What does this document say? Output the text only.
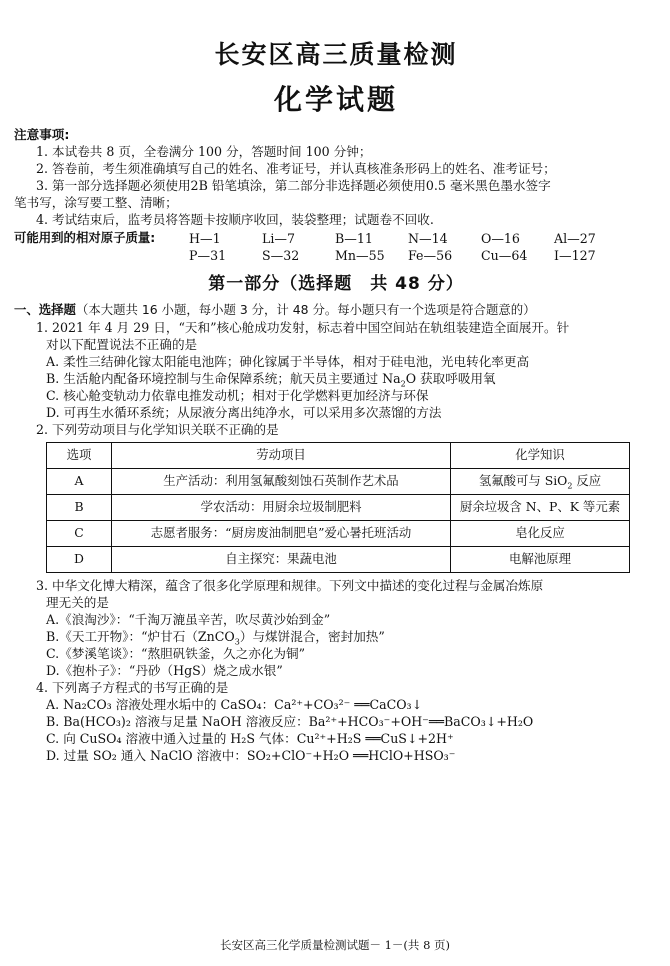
长安区高三质量检测
化学试题
注意事项:
1. 本试卷共 8 页，全卷满分 100 分，答题时间 100 分钟；
2. 答卷前，考生须准确填写自己的姓名、准考证号，并认真核准条形码上的姓名、准考证号；
3. 第一部分选择题必须使用2B 铅笔填涂，第二部分非选择题必须使用0.5 毫米黑色墨水签字
笔书写，涂写要工整、清晰；
4. 考试结束后，监考员将答题卡按顺序收回，装袋整理；试题卷不回收.
可能用到的相对原子质量:	H—1	Li—7	B—11	N—14	O—16	Al—27
P—31	S—32	Mn—55	Fe—56	Cu—64	I—127
第一部分（选择题　共 48 分）
一、选择题（本大题共 16 小题，每小题 3 分，计 48 分。每小题只有一个选项是符合题意的）
1. 2021 年 4 月 29 日，“天和”核心舱成功发射，标志着中国空间站在轨组装建造全面展开。针
对以下配置说法不正确的是
A. 柔性三结砷化镓太阳能电池阵；砷化镓属于半导体，相对于硅电池，光电转化率更高
B. 生活舱内配备环境控制与生命保障系统；航天员主要通过 $Na_2O$ 获取呼吸用氧
C. 核心舱变轨动力依靠电推发动机；相对于化学燃料更加经济与环保
D. 可再生水循环系统；从尿液分离出纯净水，可以采用多次蒸馏的方法
2. 下列劳动项目与化学知识关联不正确的是
选项	劳动项目	化学知识
A	生产活动：利用氢氟酸刻蚀石英制作艺术品	氢氟酸可与 SiO$_2$ 反应
B	学农活动：用厨余垃圾制肥料	厨余垃圾含 N、P、K 等元素
C	志愿者服务：“厨房废油制肥皂”爱心暑托班活动	皂化反应
D	自主探究：果蔬电池	电解池原理
3. 中华文化博大精深，蕴含了很多化学原理和规律。下列文中描述的变化过程与金属冶炼原
理无关的是
A.《浪淘沙》：“千淘万漉虽辛苦，吹尽黄沙始到金”
B.《天工开物》：“炉甘石（ZnCO$_3$）与煤饼混合，密封加热”
C.《梦溪笔谈》：“熬胆矾铁釜，久之亦化为铜”
D.《抱朴子》：“丹砂（HgS）烧之成水银”
4. 下列离子方程式的书写正确的是
A. Na₂CO₃ 溶液处理水垢中的 CaSO₄：Ca²⁺+CO₃²⁻ ══CaCO₃↓
B. Ba(HCO₃)₂ 溶液与足量 NaOH 溶液反应：Ba²⁺+HCO₃⁻+OH⁻══BaCO₃↓+H₂O
C. 向 CuSO₄ 溶液中通入过量的 H₂S 气体：Cu²⁺+H₂S ══CuS↓+2H⁺
D. 过量 SO₂ 通入 NaClO 溶液中：SO₂+ClO⁻+H₂O ══HClO+HSO₃⁻
长安区高三化学质量检测试题－ 1－(共 8 页)
